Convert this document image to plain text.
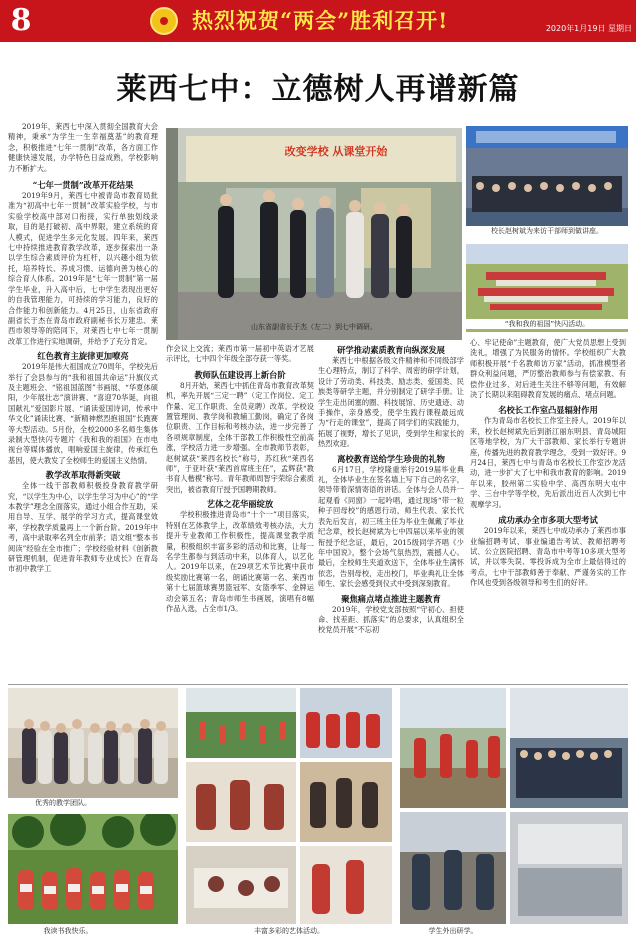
8	热烈祝贺“两会”胜利召开!	2020年1月19日 星期日
莱西七中：立德树人再谱新篇

2019年，莱西七中深入贯彻全国教育大会精神，秉承“为学生一生幸福奠基”的教育理念，积极推进“七年一贯制”改革，各方面工作健康快速发展，办学特色日益成熟，学校影响力不断扩大。

“七年一贯制”改革开花结果

2019年9月，莱西七中被青岛市教育局批准为“初高中七年一贯制”改革实验学校，与市实验学校高中部对口衔接，实行单独划线录取，目的是打破初、高中界限，建立系统的育人模式，促进学生多元化发展。四年来，莱西七中持续推进教育教学改革，逐步探索出一条以学生综合素质评价为杠杆，以兴趣小组为依托，培养特长、养成习惯、运德向善为核心的综合育人体系。2019年是“七年一贯制”第一届学生毕业，升入高中后，七中学生表现出更好的自我管理能力，可持续的学习能力，良好的合作能力和创新能力。4月25日，山东省政府副省长于杰在青岛市政府副秘书长万建忠、莱西市领导等的陪同下，对莱西七中七年一贯制改革工作进行实地调研，并给予了充分肯定。

红色教育主旋律更加嘹亮

2019年是伟大祖国成立70周年，学校先后举行了会县参与的“我和祖国共命运”升旗仪式及主题班会、“铭祖国蓝图”书画展、“华夏体硕阳，少年展壮志”演讲赛、“喜迎70华诞，向祖国献礼”爱国影片展、“诵读爱国诗词，传承中华文化”诵读比赛、“新精神燃烈抱祖国”长跑赛等大型活动。5月份，全校2000多名师生集体录制大型快闪专题片《我和我的祖国》在市电视台等媒体播放，唱响爱国主旋律，传承红色基因，使大教发了全校师生的爱国主义热情。

教学改革取得新突破

全体一线干部教师积极投身教育教学研究，“以学生为中心，以学生学习为中心”的“学本教学”理念全面落实，通过小组合作互助，采用自导、互学、展学的学习方式，提高课堂效率，学校教学质量再上一个新台阶。2019年中考，高中录取率名列全市前茅；语文组“整本书阅读”经验在全市推广；学校经验材料《创新教研管理机制，促进青年教师专业成长》在青岛市初中教学工

改变学校 从课堂开始
山东省副省长于杰（左二）到七中调研。
校长赵树斌为来访干部师到做讲座。
“我和我的祖国”快闪活动。

作会议上交流；莱西市第一届初中英语才艺展示评比，七中四个年级全部夺获一等奖。

教师队伍建设再上新台阶

8月开始，莱西七中抓住青岛市教育改革契机，率先开展“三定一聘”（定工作岗位、定工作量、定工作职责、全员竞聘）改革。学校设置管理岗、教学岗和教辅工勤岗，确定了各岗位职责、工作目标和考核办法，进一步完善了各项规章制度，全体干部教工作积极性空前高涨，学校活力进一步增强。全市教师节表彰，赵树斌获“莱西名校长”称号，苏红秋“莱西名师”，于亚叶获“莱西首席班主任”，孟辉获“教书育人楷模”称号。青年教师周智宇荣综合素质突出，被省教育厅授予国聘期教师。

艺体之花华丽绽放

学校积极推进青岛市“十个一”项目落实，特别在艺体教学上，改革绩效考核办法，大力提升专业教师工作积极性，提高课堂教学质量，积极组织丰富多彩的活动和比赛，让每一名学生都参与到活动中来，以体育人，以艺化人。2019年以来，在29项艺术节比赛中获市级奖励比赛第一名，朗诵比赛第一名、莱西市第十七届篮球赛男篮冠军、女篮季军、金牌运动会第五名；青岛市师生书画展，演唱有8幅作品入选，占全市1/3。

研学推动素质教育向纵深发展

莱西七中根据各级文件精神和不同级部学生心理特点，制订了科学、周密的研学计划，设计了劳动类、科技类、励志类、爱国类、民族类等研学主题，并分别制定了研学手册。让学生走出闭塞的圈、科技展馆、历史遗迹、动手操作，亲身感受，使学生践行课程最远成为“行走的课堂”，提高了同学们的实践能力，拓展了视野，增长了见识，受到学生和家长的热烈欢迎。

离校教育送给学生珍贵的礼物

6月17日，学校隆重举行2019届毕业典礼，全体毕业生在签名墙上写下自己的名字，领导带着深情寄语的讲话。全体与会人员并一起观看《同窗》一起吟唱，通过现场“带一粒种子回母校”的感恩行动，师生代表、家长代表先后发言，初三班主任为毕业生佩戴了毕业纪念章，校长赵树斌为七中四届以来毕业的领衔授予纪念证，最后，2015级同学齐唱《少年中国说》，整个会场气氛热烈，震撼人心。最后，全校师生夹道欢送下，全体毕业生满怀依恋，告别母校，走出校门，毕业典礼让全体师生、家长会感受到仪式中受到深刻教育。

聚焦痛点堵点推进主题教育

2019年，学校党支部按照“守初心、担使命、找差距、抓落实”的总要求，认真组织全校党员开展“不忘初

心、牢记使命”主题教育，使广大党员思想上受到洗礼，增强了为民服务的情怀。学校组织广大教师积极开展“千名教师访万家”活动，抓准模型者群众利益问题，严厉整治教师参与有偿家教、有偿作业过多、对后进生关注不够等问题，有效解决了长期以来阻碍教育发展的痛点、堵点问题。

名校长工作室凸显辐射作用

作为青岛市名校长工作室主持人，2019年以来，校长赵树斌先后到浙江丽东明县、青岛城阳区等地学校，为广大干部教师、家长举行专题讲座，传播先进的教育教学理念，受到一致好评。9月24日，莱西七中与青岛市名校长工作室沙龙活动，进一步扩大了七中和我市教育的影响。2019年以来，胶州第二实验中学、高西东明大屯中学、三台中学等学校，先后派出近百人次到七中观摩学习。

成功承办全市多项大型考试

2019年以来，莱西七中成功承办了莱西市事业编招聘考试、事业编通告考试、教师招聘考试、公立医院招聘、青岛市中考等10多项大型考试，并以零失误、零投诉成为全市上最信得过的考点，七中干部教师善于奉献、严谨务实的工作作风也受到各级领导和考生们的好评。

优秀的教学团队。
我读书我快乐。	丰富多彩的艺体活动。	学生外出研学。
